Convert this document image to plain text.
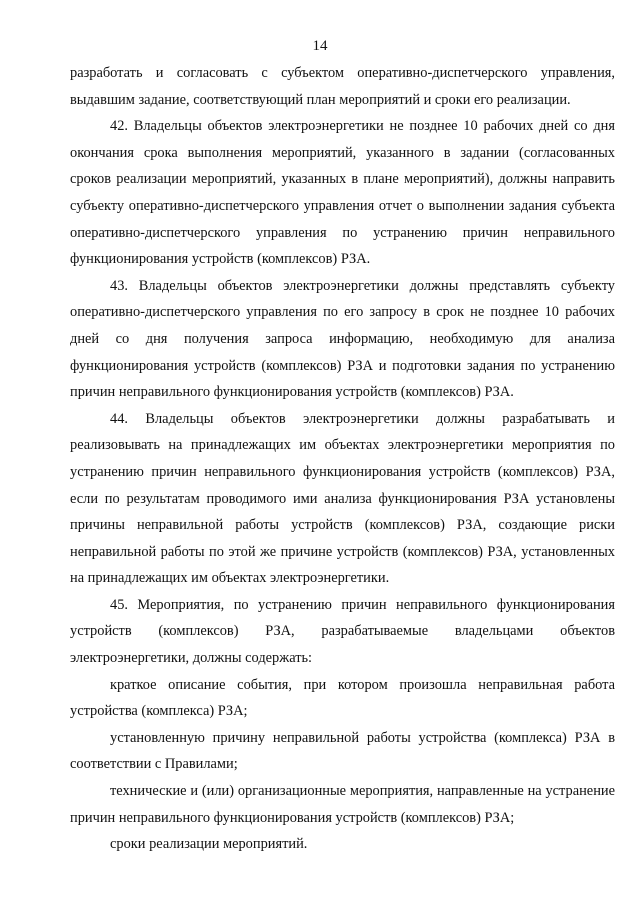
14

разработать и согласовать с субъектом оперативно-диспетчерского управления, выдавшим задание, соответствующий план мероприятий и сроки его реализации.

42. Владельцы объектов электроэнергетики не позднее 10 рабочих дней со дня окончания срока выполнения мероприятий, указанного в задании (согласованных сроков реализации мероприятий, указанных в плане мероприятий), должны направить субъекту оперативно-диспетчерского управления отчет о выполнении задания субъекта оперативно-диспетчерского управления по устранению причин неправильного функционирования устройств (комплексов) РЗА.

43. Владельцы объектов электроэнергетики должны представлять субъекту оперативно-диспетчерского управления по его запросу в срок не позднее 10 рабочих дней со дня получения запроса информацию, необходимую для анализа функционирования устройств (комплексов) РЗА и подготовки задания по устранению причин неправильного функционирования устройств (комплексов) РЗА.

44. Владельцы объектов электроэнергетики должны разрабатывать и реализовывать на принадлежащих им объектах электроэнергетики мероприятия по устранению причин неправильного функционирования устройств (комплексов) РЗА, если по результатам проводимого ими анализа функционирования РЗА установлены причины неправильной работы устройств (комплексов) РЗА, создающие риски неправильной работы по этой же причине устройств (комплексов) РЗА, установленных на принадлежащих им объектах электроэнергетики.

45. Мероприятия, по устранению причин неправильного функционирования устройств (комплексов) РЗА, разрабатываемые владельцами объектов электроэнергетики, должны содержать:

краткое описание события, при котором произошла неправильная работа устройства (комплекса) РЗА;

установленную причину неправильной работы устройства (комплекса) РЗА в соответствии с Правилами;

технические и (или) организационные мероприятия, направленные на устранение причин неправильного функционирования устройств (комплексов) РЗА;

сроки реализации мероприятий.
